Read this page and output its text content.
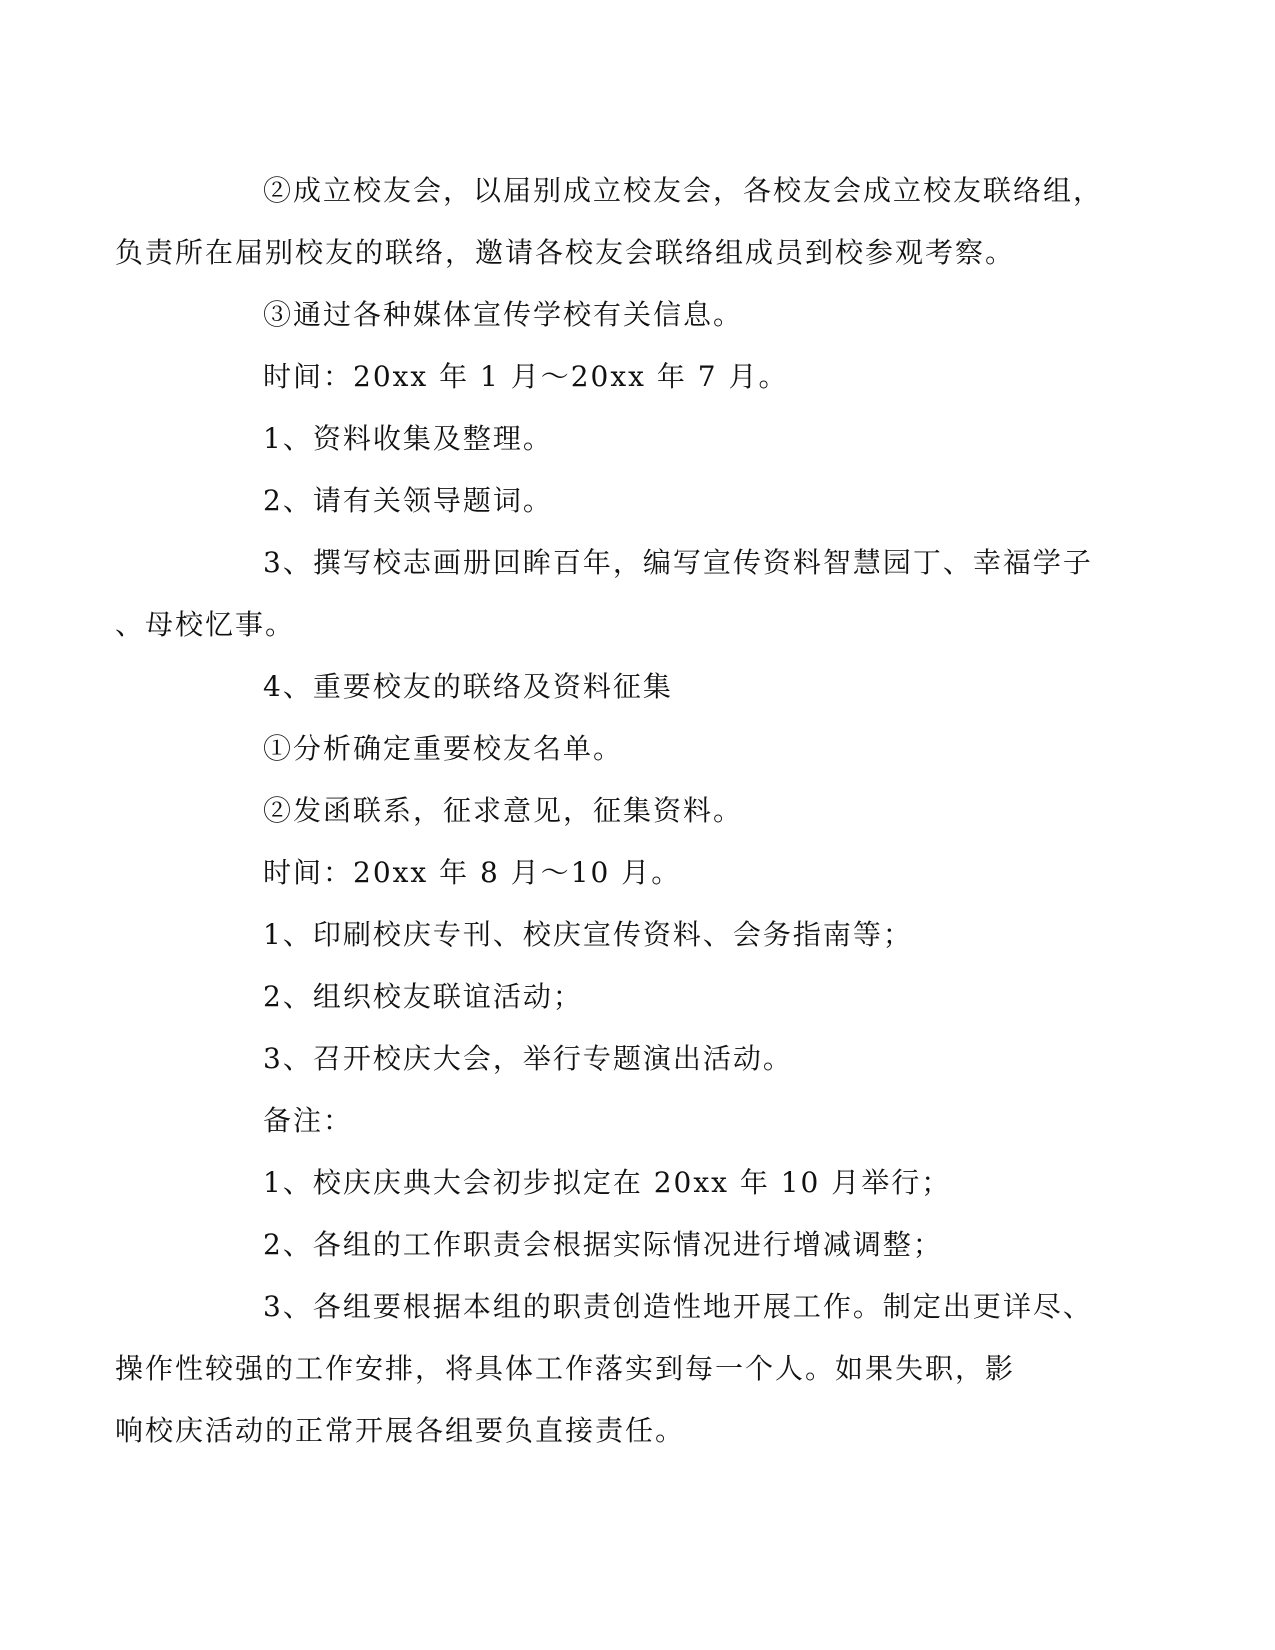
②成立校友会，以届别成立校友会，各校友会成立校友联络组，
负责所在届别校友的联络，邀请各校友会联络组成员到校参观考察。

③通过各种媒体宣传学校有关信息。

时间：20xx 年 1 月～20xx 年 7 月。

1、资料收集及整理。

2、请有关领导题词。

3、撰写校志画册回眸百年，编写宣传资料智慧园丁、幸福学子
、母校忆事。

4、重要校友的联络及资料征集

①分析确定重要校友名单。

②发函联系，征求意见，征集资料。

时间：20xx 年 8 月～10 月。

1、印刷校庆专刊、校庆宣传资料、会务指南等；

2、组织校友联谊活动；

3、召开校庆大会，举行专题演出活动。

备注：

1、校庆庆典大会初步拟定在 20xx 年 10 月举行；

2、各组的工作职责会根据实际情况进行增减调整；

3、各组要根据本组的职责创造性地开展工作。制定出更详尽、
操作性较强的工作安排，将具体工作落实到每一个人。如果失职，影
响校庆活动的正常开展各组要负直接责任。
